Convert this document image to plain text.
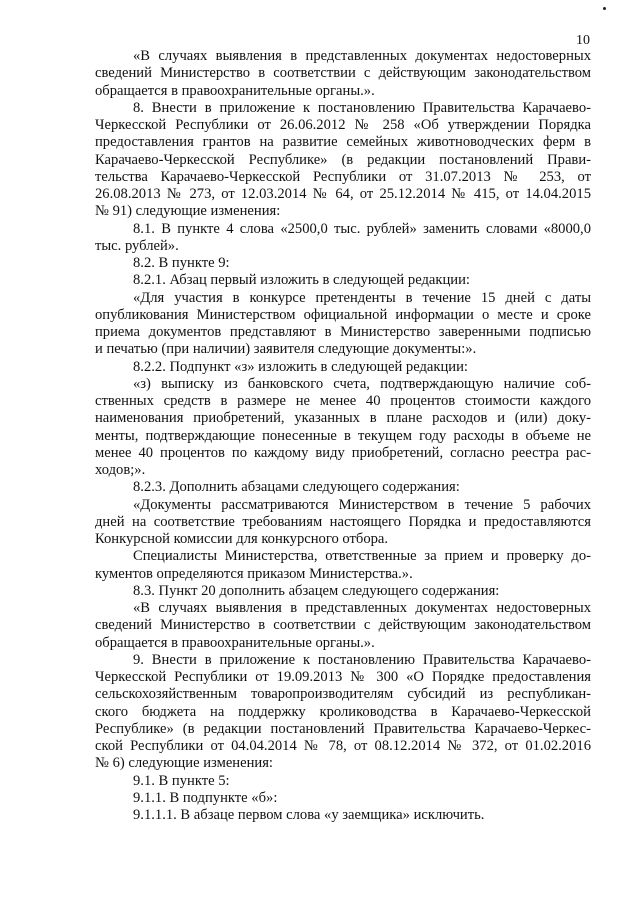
10
«В случаях выявления в представленных документах недостоверных
сведений Министерство в соответствии с действующим законодательством
обращается в правоохранительные органы.».
8. Внести в приложение к постановлению Правительства Карачаево-
Черкесской Республики от 26.06.2012 № 258 «Об утверждении Порядка
предоставления грантов на развитие семейных животноводческих ферм в
Карачаево-Черкесской Республике» (в редакции постановлений Прави-
тельства Карачаево-Черкесской Республики от 31.07.2013 № 253, от
26.08.2013 № 273, от 12.03.2014 № 64, от 25.12.2014 № 415, от 14.04.2015
№ 91) следующие изменения:
8.1. В пункте 4 слова «2500,0 тыс. рублей» заменить словами «8000,0
тыс. рублей».
8.2. В пункте 9:
8.2.1. Абзац первый изложить в следующей редакции:
«Для участия в конкурсе претенденты в течение 15 дней с даты
опубликования Министерством официальной информации о месте и сроке
приема документов представляют в Министерство заверенными подписью
и печатью (при наличии) заявителя следующие документы:».
8.2.2. Подпункт «з» изложить в следующей редакции:
«з) выписку из банковского счета, подтверждающую наличие соб-
ственных средств в размере не менее 40 процентов стоимости каждого
наименования приобретений, указанных в плане расходов и (или) доку-
менты, подтверждающие понесенные в текущем году расходы в объеме не
менее 40 процентов по каждому виду приобретений, согласно реестра рас-
ходов;».
8.2.3. Дополнить абзацами следующего содержания:
«Документы рассматриваются Министерством в течение 5 рабочих
дней на соответствие требованиям настоящего Порядка и предоставляются
Конкурсной комиссии для конкурсного отбора.
Специалисты Министерства, ответственные за прием и проверку до-
кументов определяются приказом Министерства.».
8.3. Пункт 20 дополнить абзацем следующего содержания:
«В случаях выявления в представленных документах недостоверных
сведений Министерство в соответствии с действующим законодательством
обращается в правоохранительные органы.».
9. Внести в приложение к постановлению Правительства Карачаево-
Черкесской Республики от 19.09.2013 № 300 «О Порядке предоставления
сельскохозяйственным товаропроизводителям субсидий из республикан-
ского бюджета на поддержку кролиководства в Карачаево-Черкесской
Республике» (в редакции постановлений Правительства Карачаево-Черкес-
ской Республики от 04.04.2014 № 78, от 08.12.2014 № 372, от 01.02.2016
№ 6) следующие изменения:
9.1. В пункте 5:
9.1.1. В подпункте «б»:
9.1.1.1. В абзаце первом слова «у заемщика» исключить.
